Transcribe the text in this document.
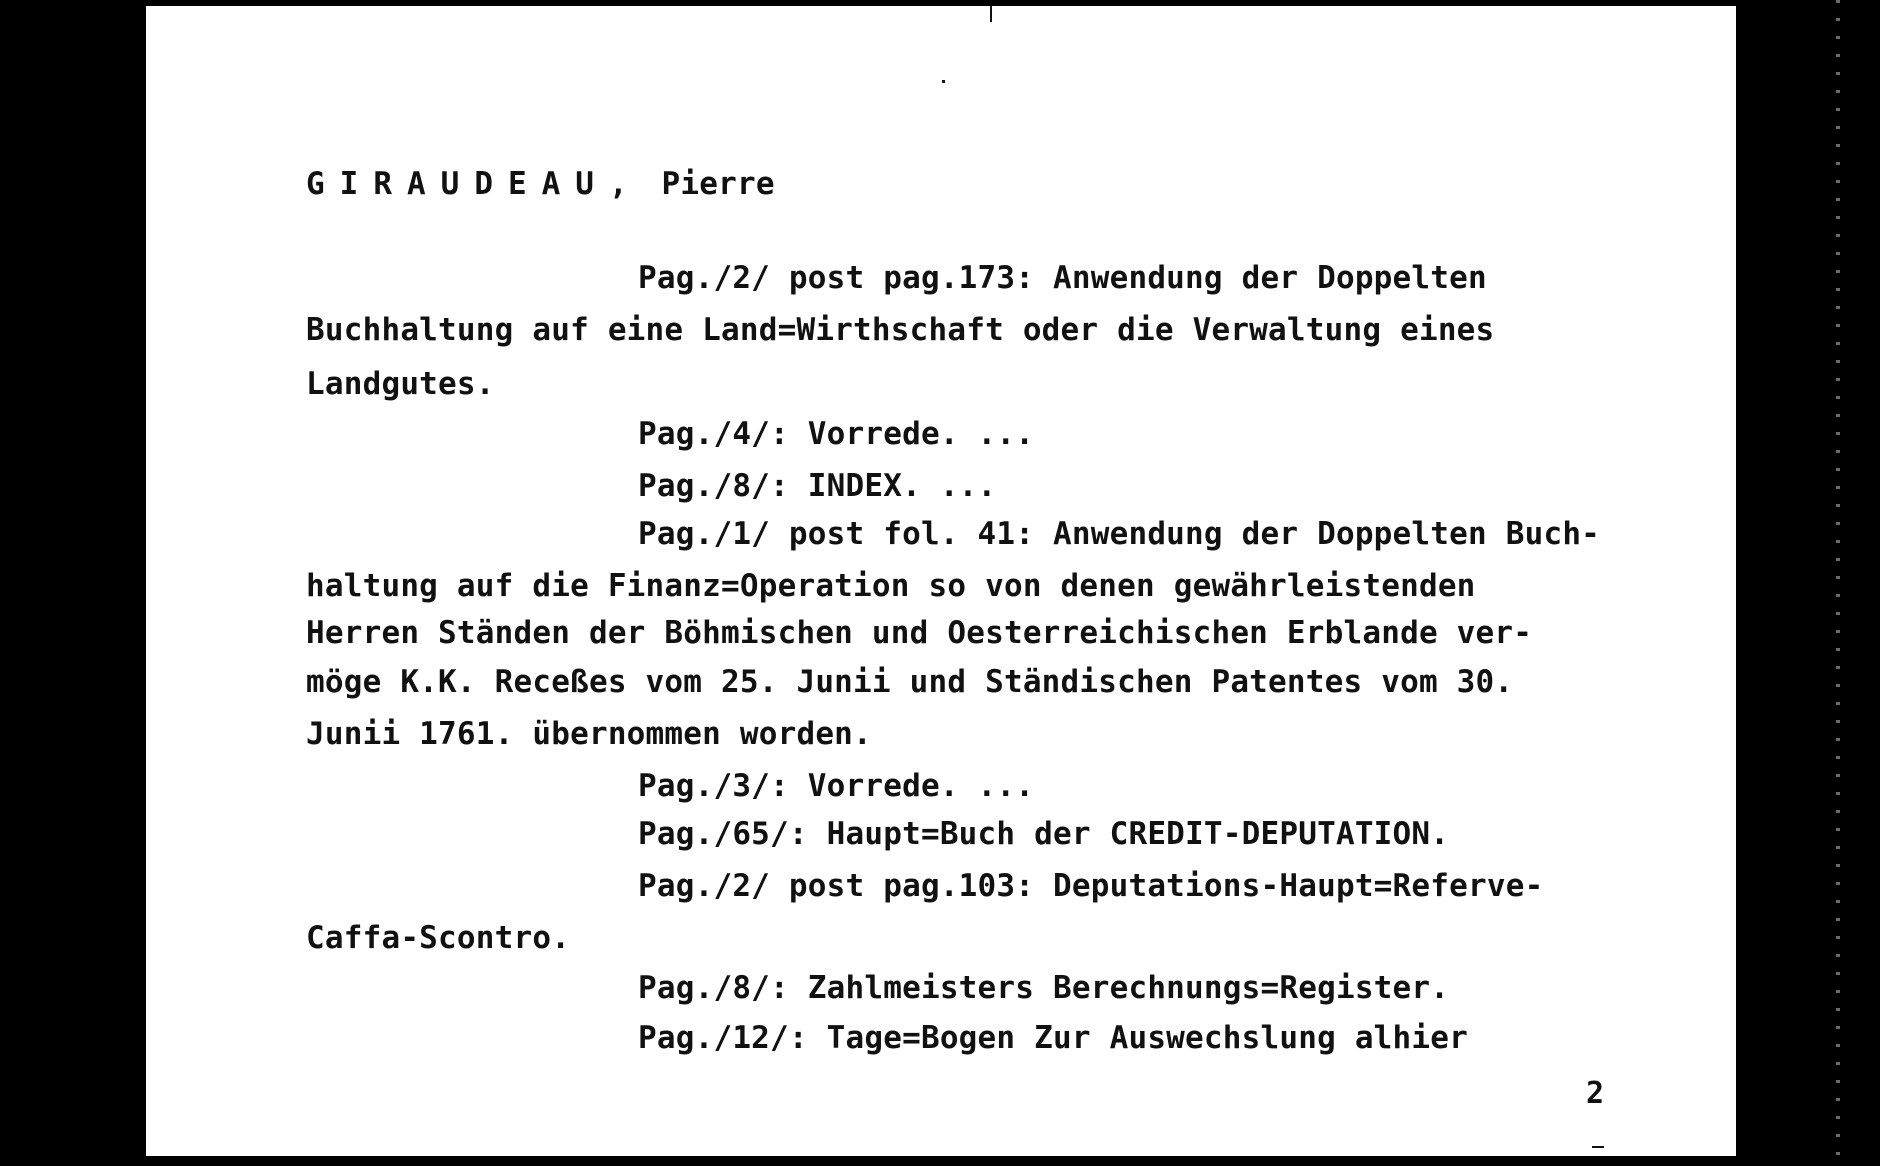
GIRAUDEAU, Pierre
Pag./2/ post pag.173: Anwendung der Doppelten
Buchhaltung auf eine Land=Wirthschaft oder die Verwaltung eines
Landgutes.
Pag./4/: Vorrede. ...
Pag./8/: INDEX. ...
Pag./1/ post fol. 41: Anwendung der Doppelten Buch-
haltung auf die Finanz=Operation so von denen gewährleistenden
Herren Ständen der Böhmischen und Oesterreichischen Erblande ver-
möge K.K. Receßes vom 25. Junii und Ständischen Patentes vom 30.
Junii 1761. übernommen worden.
Pag./3/: Vorrede. ...
Pag./65/: Haupt=Buch der CREDIT-DEPUTATION.
Pag./2/ post pag.103: Deputations-Haupt=Referve-
Caffa-Scontro.
Pag./8/: Zahlmeisters Berechnungs=Register.
Pag./12/: Tage=Bogen Zur Auswechslung alhier
2
